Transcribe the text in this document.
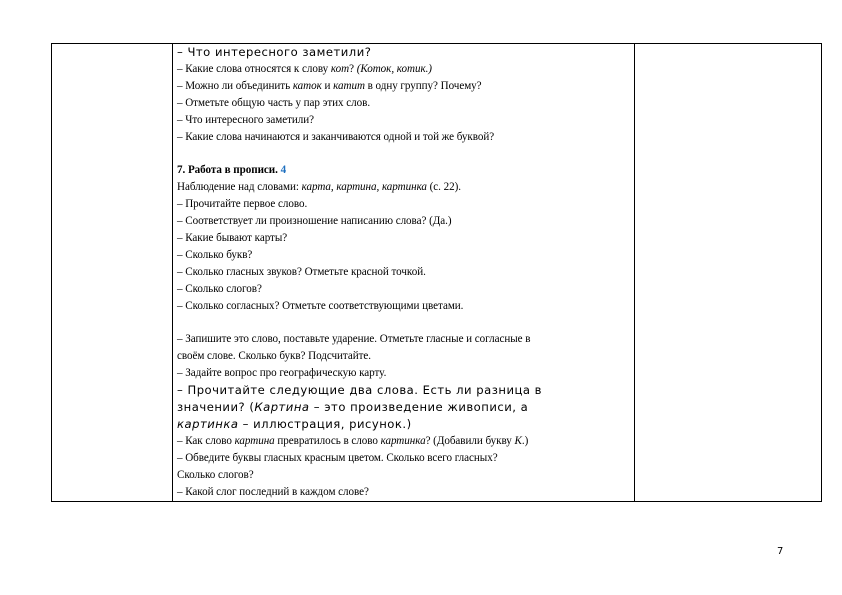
– Что интересного заметили?
– Какие слова относятся к слову кот? (Коток, котик.)
– Можно ли объединить каток и катит в одну группу? Почему?
– Отметьте общую часть у пар этих слов.
– Что интересного заметили?
– Какие слова начинаются и заканчиваются одной и той же буквой?
7. Работа в прописи. 4
Наблюдение над словами: карта, картина, картинка (с. 22).
– Прочитайте первое слово.
– Соответствует ли произношение написанию слова? (Да.)
– Какие бывают карты?
– Сколько букв?
– Сколько гласных звуков? Отметьте красной точкой.
– Сколько слогов?
– Сколько согласных? Отметьте соответствующими цветами.
– Запишите это слово, поставьте ударение. Отметьте гласные и согласные в
своём слове. Сколько букв? Подсчитайте.
– Задайте вопрос про географическую карту.
– Прочитайте следующие два слова. Есть ли разница в
значении? (Картина – это произведение живописи, а
картинка – иллюстрация, рисунок.)
– Как слово картина превратилось в слово картинка? (Добавили букву К.)
– Обведите буквы гласных красным цветом. Сколько всего гласных?
Сколько слогов?
– Какой слог последний в каждом слове?

7
